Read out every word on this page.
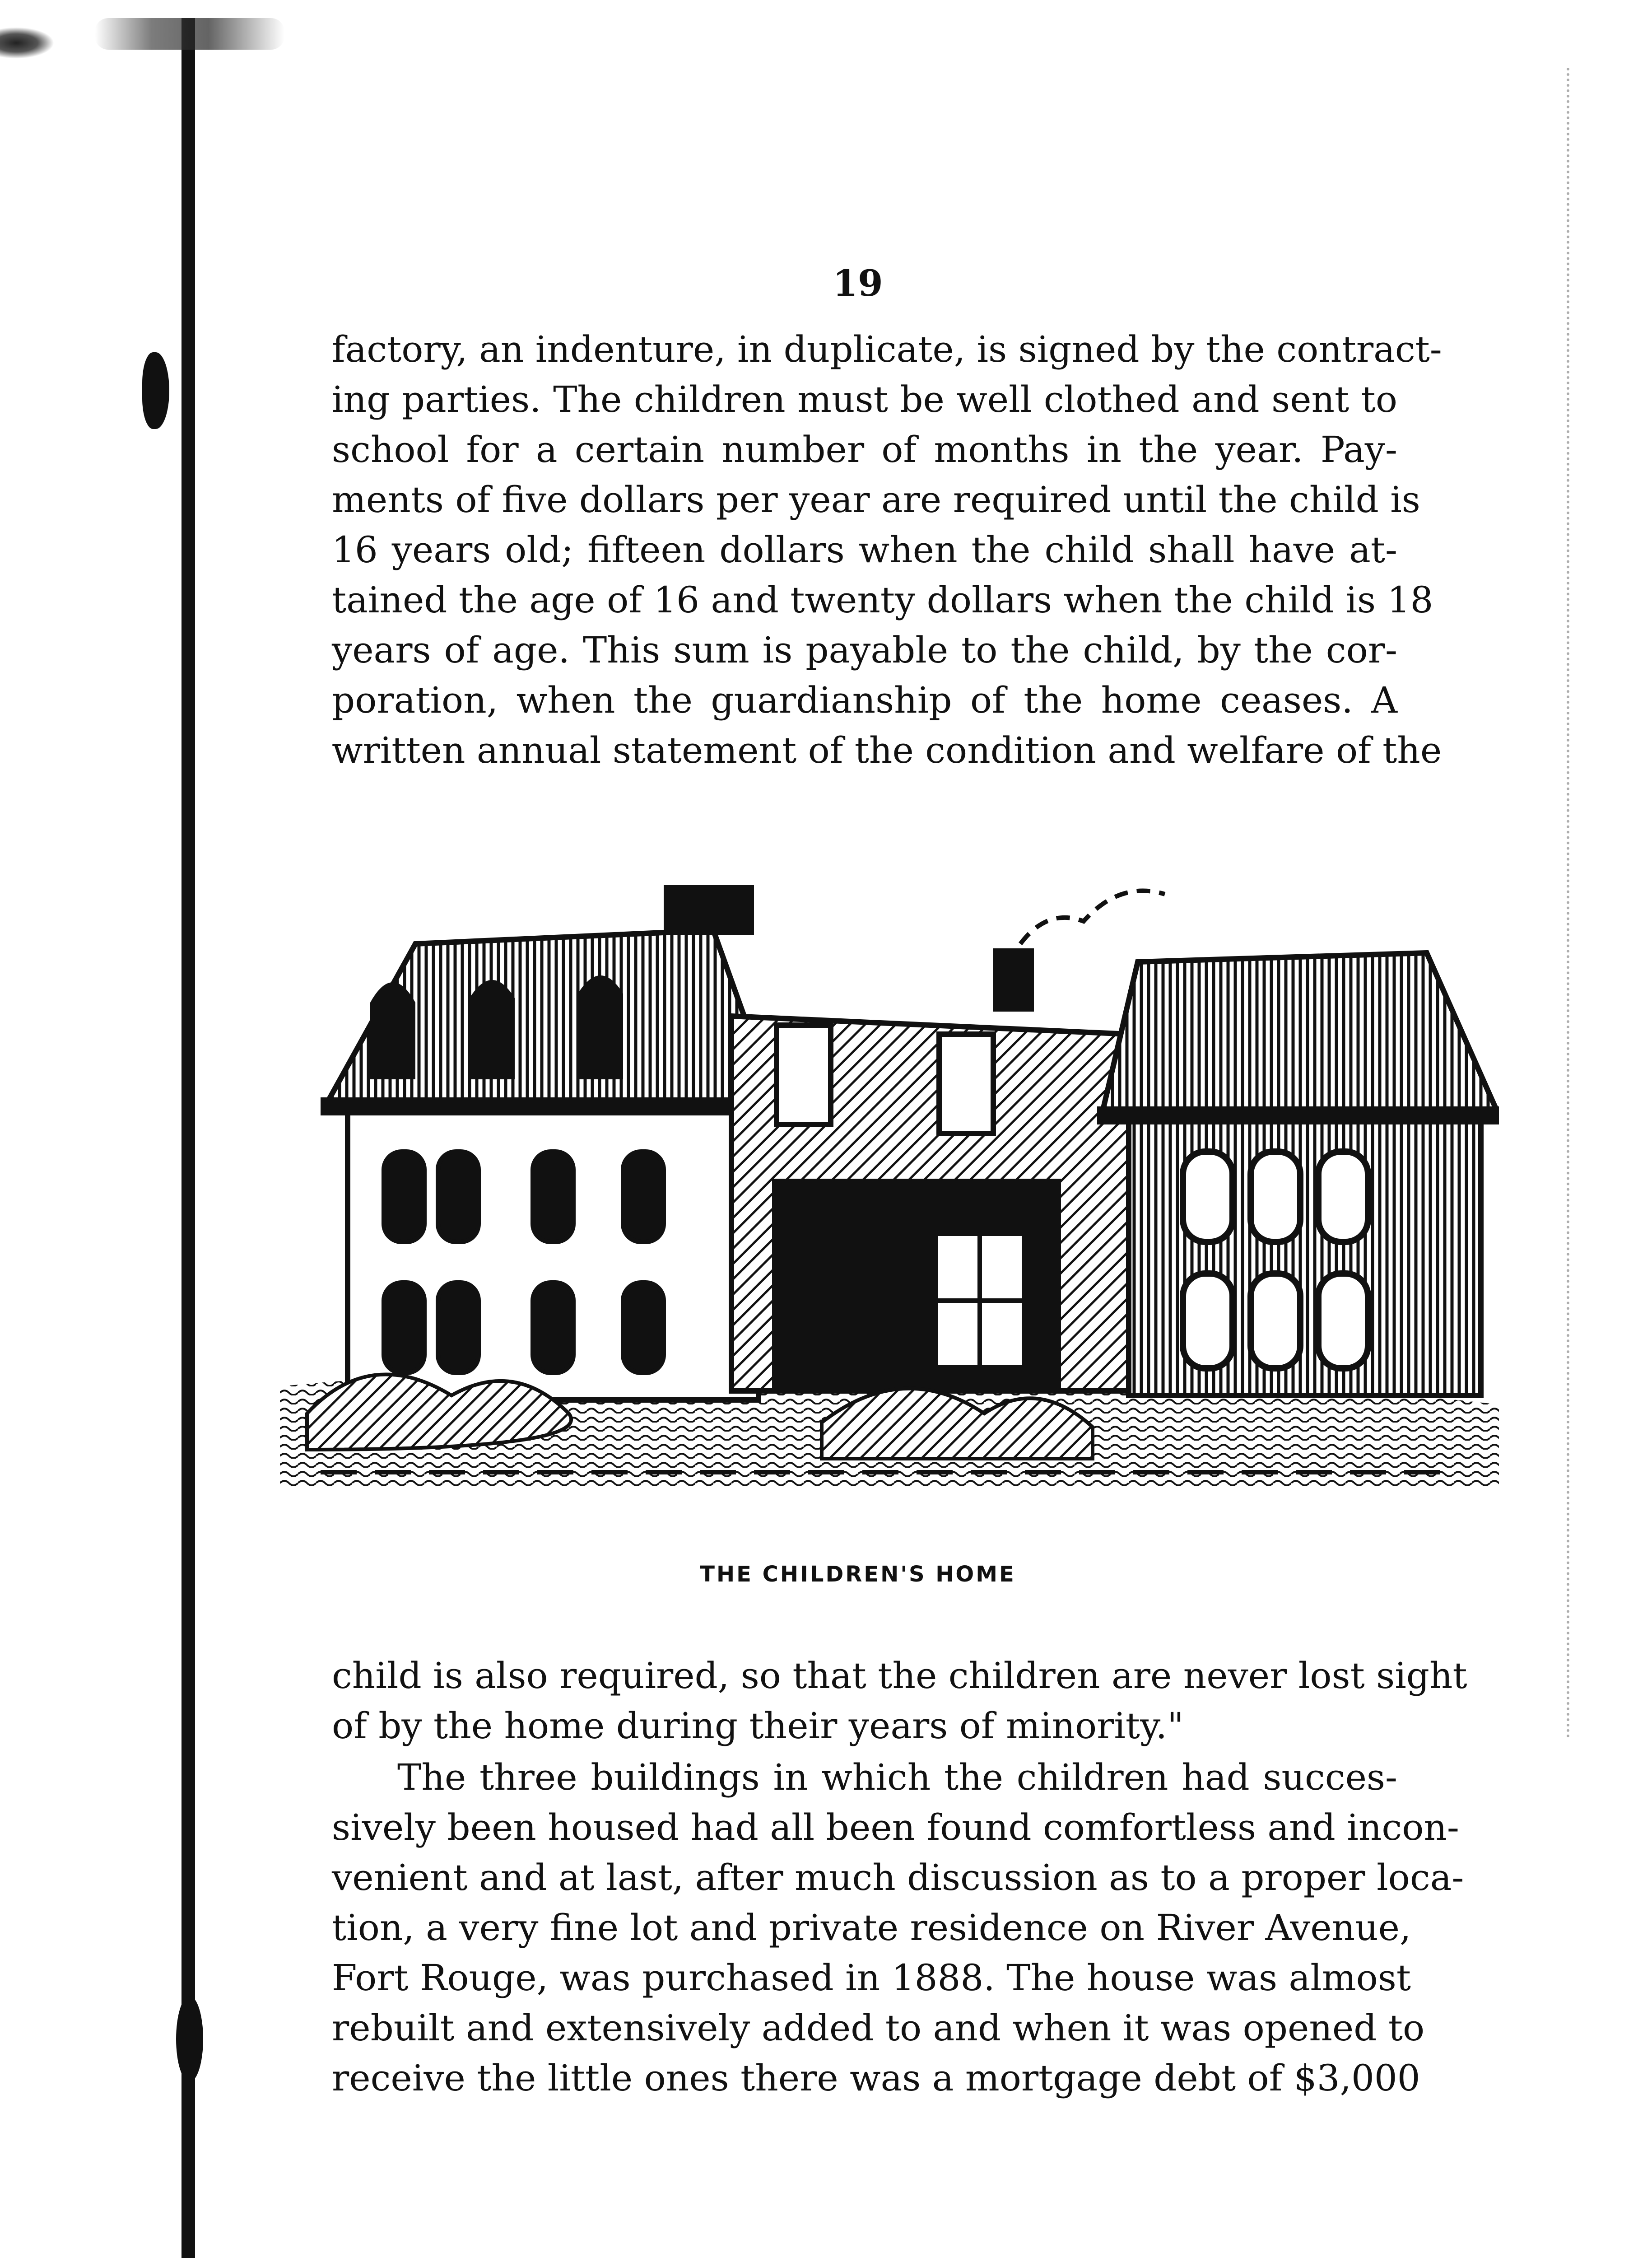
19
factory, an indenture, in duplicate, is signed by the contract-
ing parties. The children must be well clothed and sent to
school for a certain number of months in the year. Pay-
ments of five dollars per year are required until the child is
16 years old; fifteen dollars when the child shall have at-
tained the age of 16 and twenty dollars when the child is 18
years of age. This sum is payable to the child, by the cor-
poration, when the guardianship of the home ceases. A
written annual statement of the condition and welfare of the
THE CHILDREN'S HOME
child is also required, so that the children are never lost sight
of by the home during their years of minority."
The three buildings in which the children had succes-
sively been housed had all been found comfortless and incon-
venient and at last, after much discussion as to a proper loca-
tion, a very fine lot and private residence on River Avenue,
Fort Rouge, was purchased in 1888. The house was almost
rebuilt and extensively added to and when it was opened to
receive the little ones there was a mortgage debt of $3,000
